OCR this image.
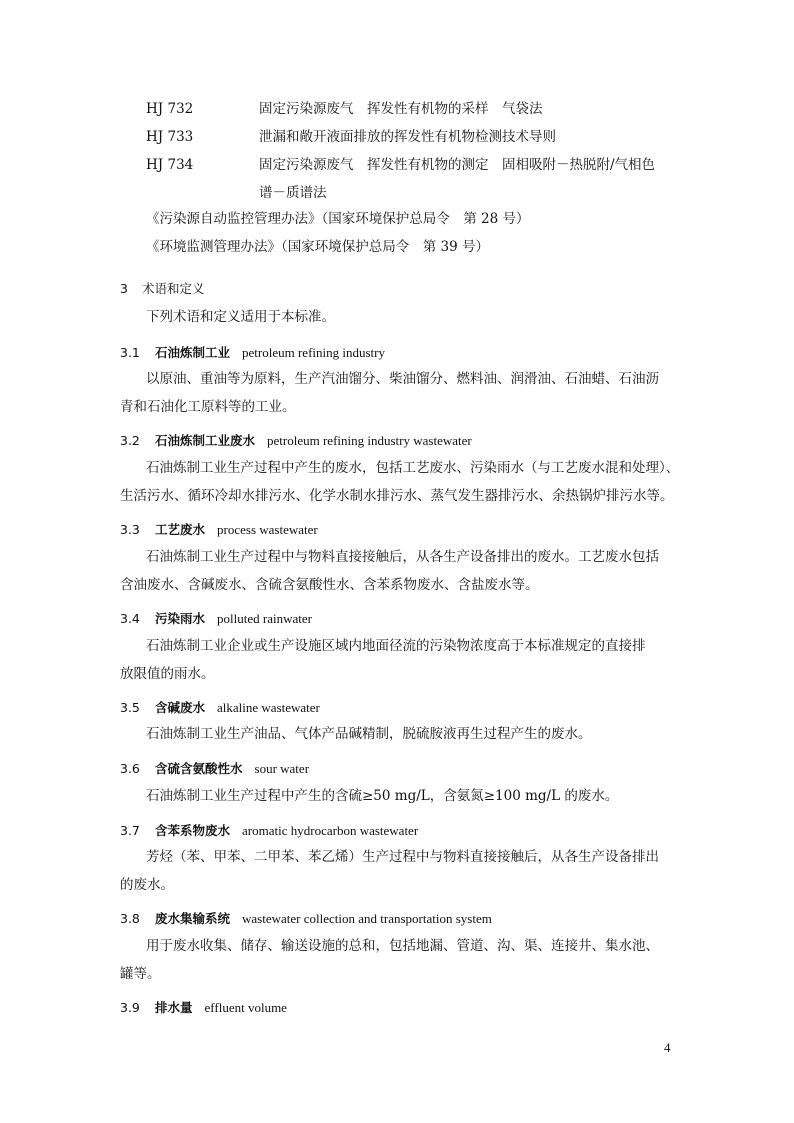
HJ 732	固定污染源废气　挥发性有机物的采样　气袋法
HJ 733	泄漏和敞开液面排放的挥发性有机物检测技术导则
HJ 734	固定污染源废气　挥发性有机物的测定　固相吸附－热脱附/气相色
谱－质谱法
《污染源自动监控管理办法》（国家环境保护总局令　第 28 号）
《环境监测管理办法》（国家环境保护总局令　第 39 号）
3 术语和定义
下列术语和定义适用于本标准。
3.1 石油炼制工业 petroleum refining industry
以原油、重油等为原料，生产汽油馏分、柴油馏分、燃料油、润滑油、石油蜡、石油沥
青和石油化工原料等的工业。
3.2 石油炼制工业废水 petroleum refining industry wastewater
石油炼制工业生产过程中产生的废水，包括工艺废水、污染雨水（与工艺废水混和处理）、
生活污水、循环冷却水排污水、化学水制水排污水、蒸气发生器排污水、余热锅炉排污水等。
3.3 工艺废水 process wastewater
石油炼制工业生产过程中与物料直接接触后，从各生产设备排出的废水。工艺废水包括
含油废水、含碱废水、含硫含氨酸性水、含苯系物废水、含盐废水等。
3.4 污染雨水 polluted rainwater
石油炼制工业企业或生产设施区域内地面径流的污染物浓度高于本标准规定的直接排
放限值的雨水。
3.5 含碱废水 alkaline wastewater
石油炼制工业生产油品、气体产品碱精制，脱硫胺液再生过程产生的废水。
3.6 含硫含氨酸性水 sour water
石油炼制工业生产过程中产生的含硫≥50 mg/L，含氨氮≥100 mg/L 的废水。
3.7 含苯系物废水 aromatic hydrocarbon wastewater
芳烃（苯、甲苯、二甲苯、苯乙烯）生产过程中与物料直接接触后，从各生产设备排出
的废水。
3.8 废水集输系统 wastewater collection and transportation system
用于废水收集、储存、输送设施的总和，包括地漏、管道、沟、渠、连接井、集水池、
罐等。
3.9 排水量 effluent volume
4
